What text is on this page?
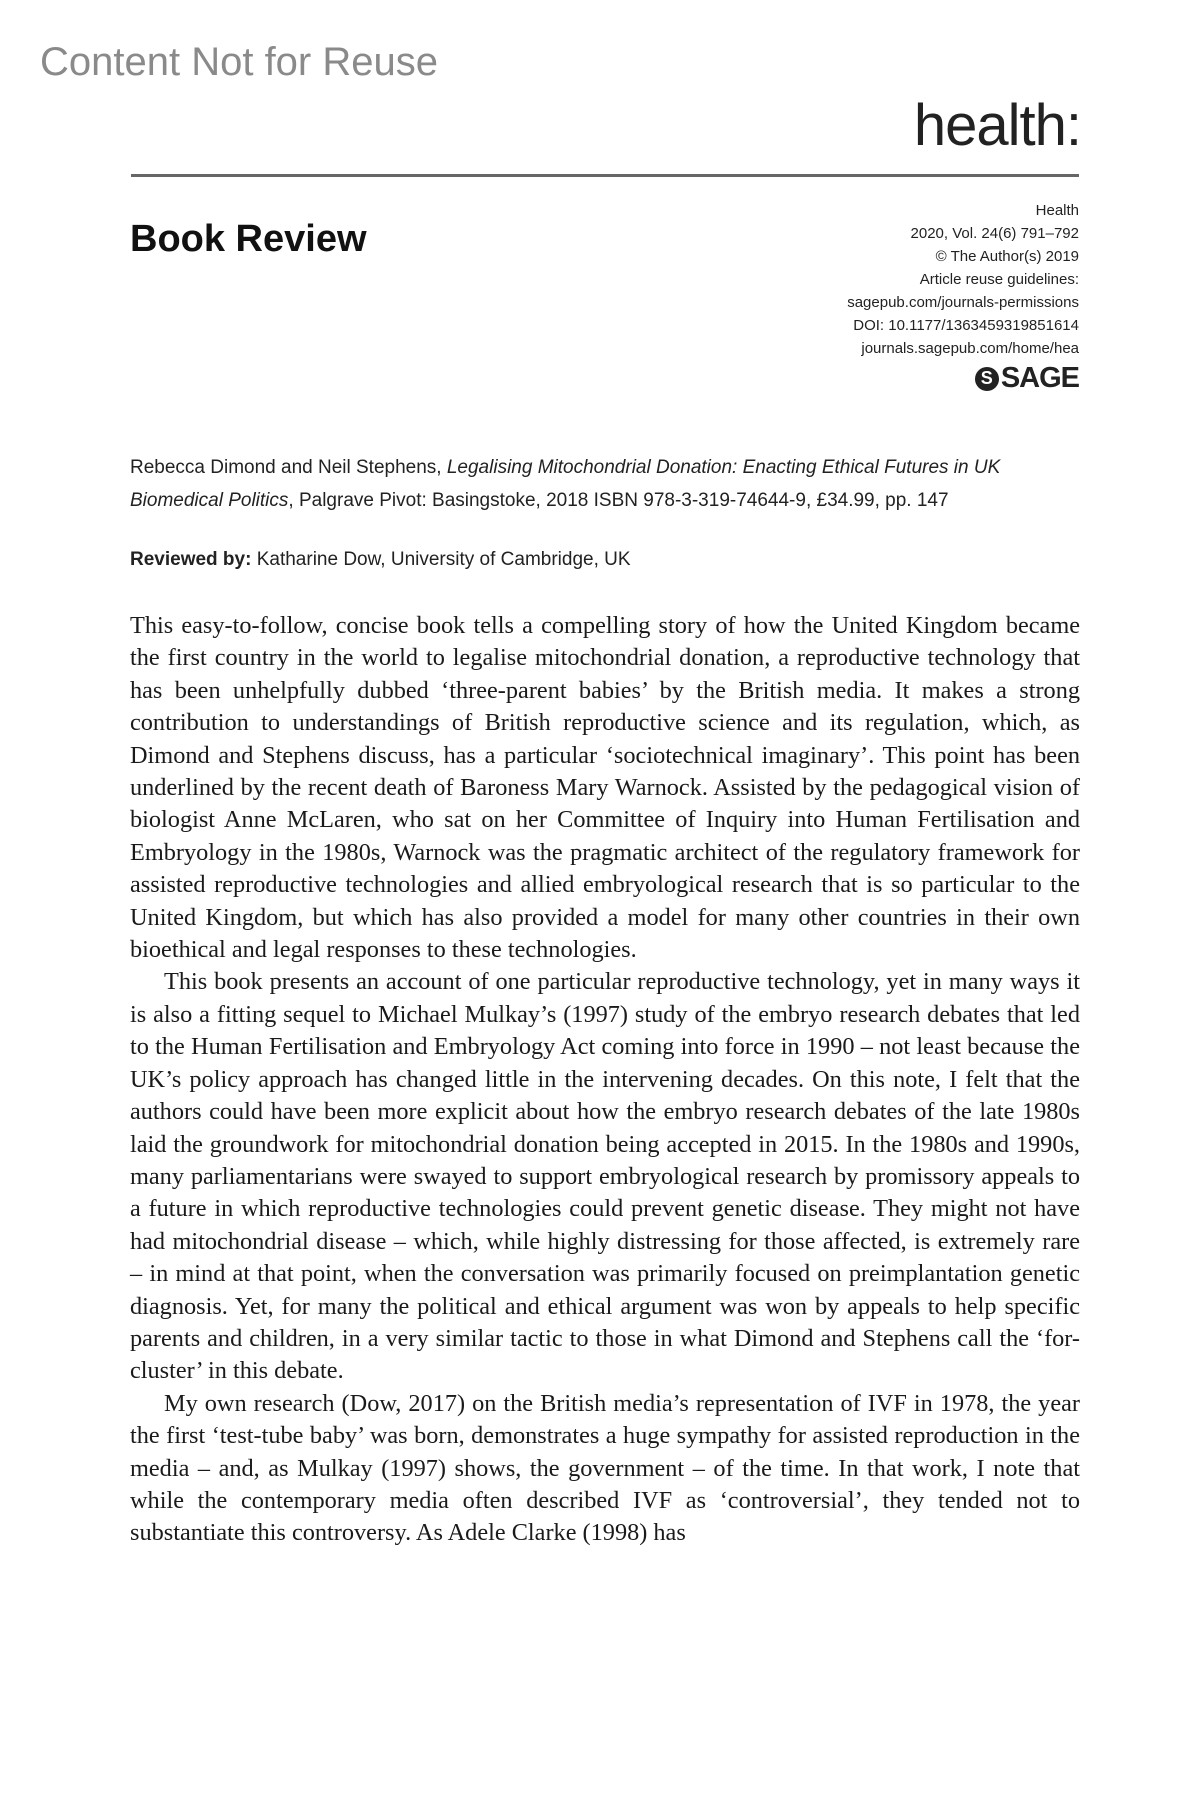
Content Not for Reuse
health:
Book Review
Health
2020, Vol. 24(6) 791–792
© The Author(s) 2019
Article reuse guidelines:
sagepub.com/journals-permissions
DOI: 10.1177/1363459319851614
journals.sagepub.com/home/hea
S SAGE
Rebecca Dimond and Neil Stephens, Legalising Mitochondrial Donation: Enacting Ethical Futures in UK Biomedical Politics, Palgrave Pivot: Basingstoke, 2018 ISBN 978-3-319-74644-9, £34.99, pp. 147
Reviewed by: Katharine Dow, University of Cambridge, UK

This easy-to-follow, concise book tells a compelling story of how the United Kingdom became the first country in the world to legalise mitochondrial donation, a reproductive technology that has been unhelpfully dubbed ‘three-parent babies’ by the British media. It makes a strong contribution to understandings of British reproductive science and its regulation, which, as Dimond and Stephens discuss, has a particular ‘sociotechnical imaginary’. This point has been underlined by the recent death of Baroness Mary Warnock. Assisted by the pedagogical vision of biologist Anne McLaren, who sat on her Committee of Inquiry into Human Fertilisation and Embryology in the 1980s, Warnock was the pragmatic architect of the regulatory framework for assisted reproductive technologies and allied embryological research that is so particular to the United Kingdom, but which has also provided a model for many other countries in their own bioethical and legal responses to these technologies.

This book presents an account of one particular reproductive technology, yet in many ways it is also a fitting sequel to Michael Mulkay’s (1997) study of the embryo research debates that led to the Human Fertilisation and Embryology Act coming into force in 1990 – not least because the UK’s policy approach has changed little in the intervening decades. On this note, I felt that the authors could have been more explicit about how the embryo research debates of the late 1980s laid the groundwork for mitochondrial donation being accepted in 2015. In the 1980s and 1990s, many parliamentarians were swayed to support embryological research by promissory appeals to a future in which reproductive technologies could prevent genetic disease. They might not have had mitochondrial disease – which, while highly distressing for those affected, is extremely rare – in mind at that point, when the conversation was primarily focused on preimplantation genetic diagnosis. Yet, for many the political and ethical argument was won by appeals to help specific parents and children, in a very similar tactic to those in what Dimond and Stephens call the ‘for-cluster’ in this debate.

My own research (Dow, 2017) on the British media’s representation of IVF in 1978, the year the first ‘test-tube baby’ was born, demonstrates a huge sympathy for assisted reproduction in the media – and, as Mulkay (1997) shows, the government – of the time. In that work, I note that while the contemporary media often described IVF as ‘controversial’, they tended not to substantiate this controversy. As Adele Clarke (1998) has
